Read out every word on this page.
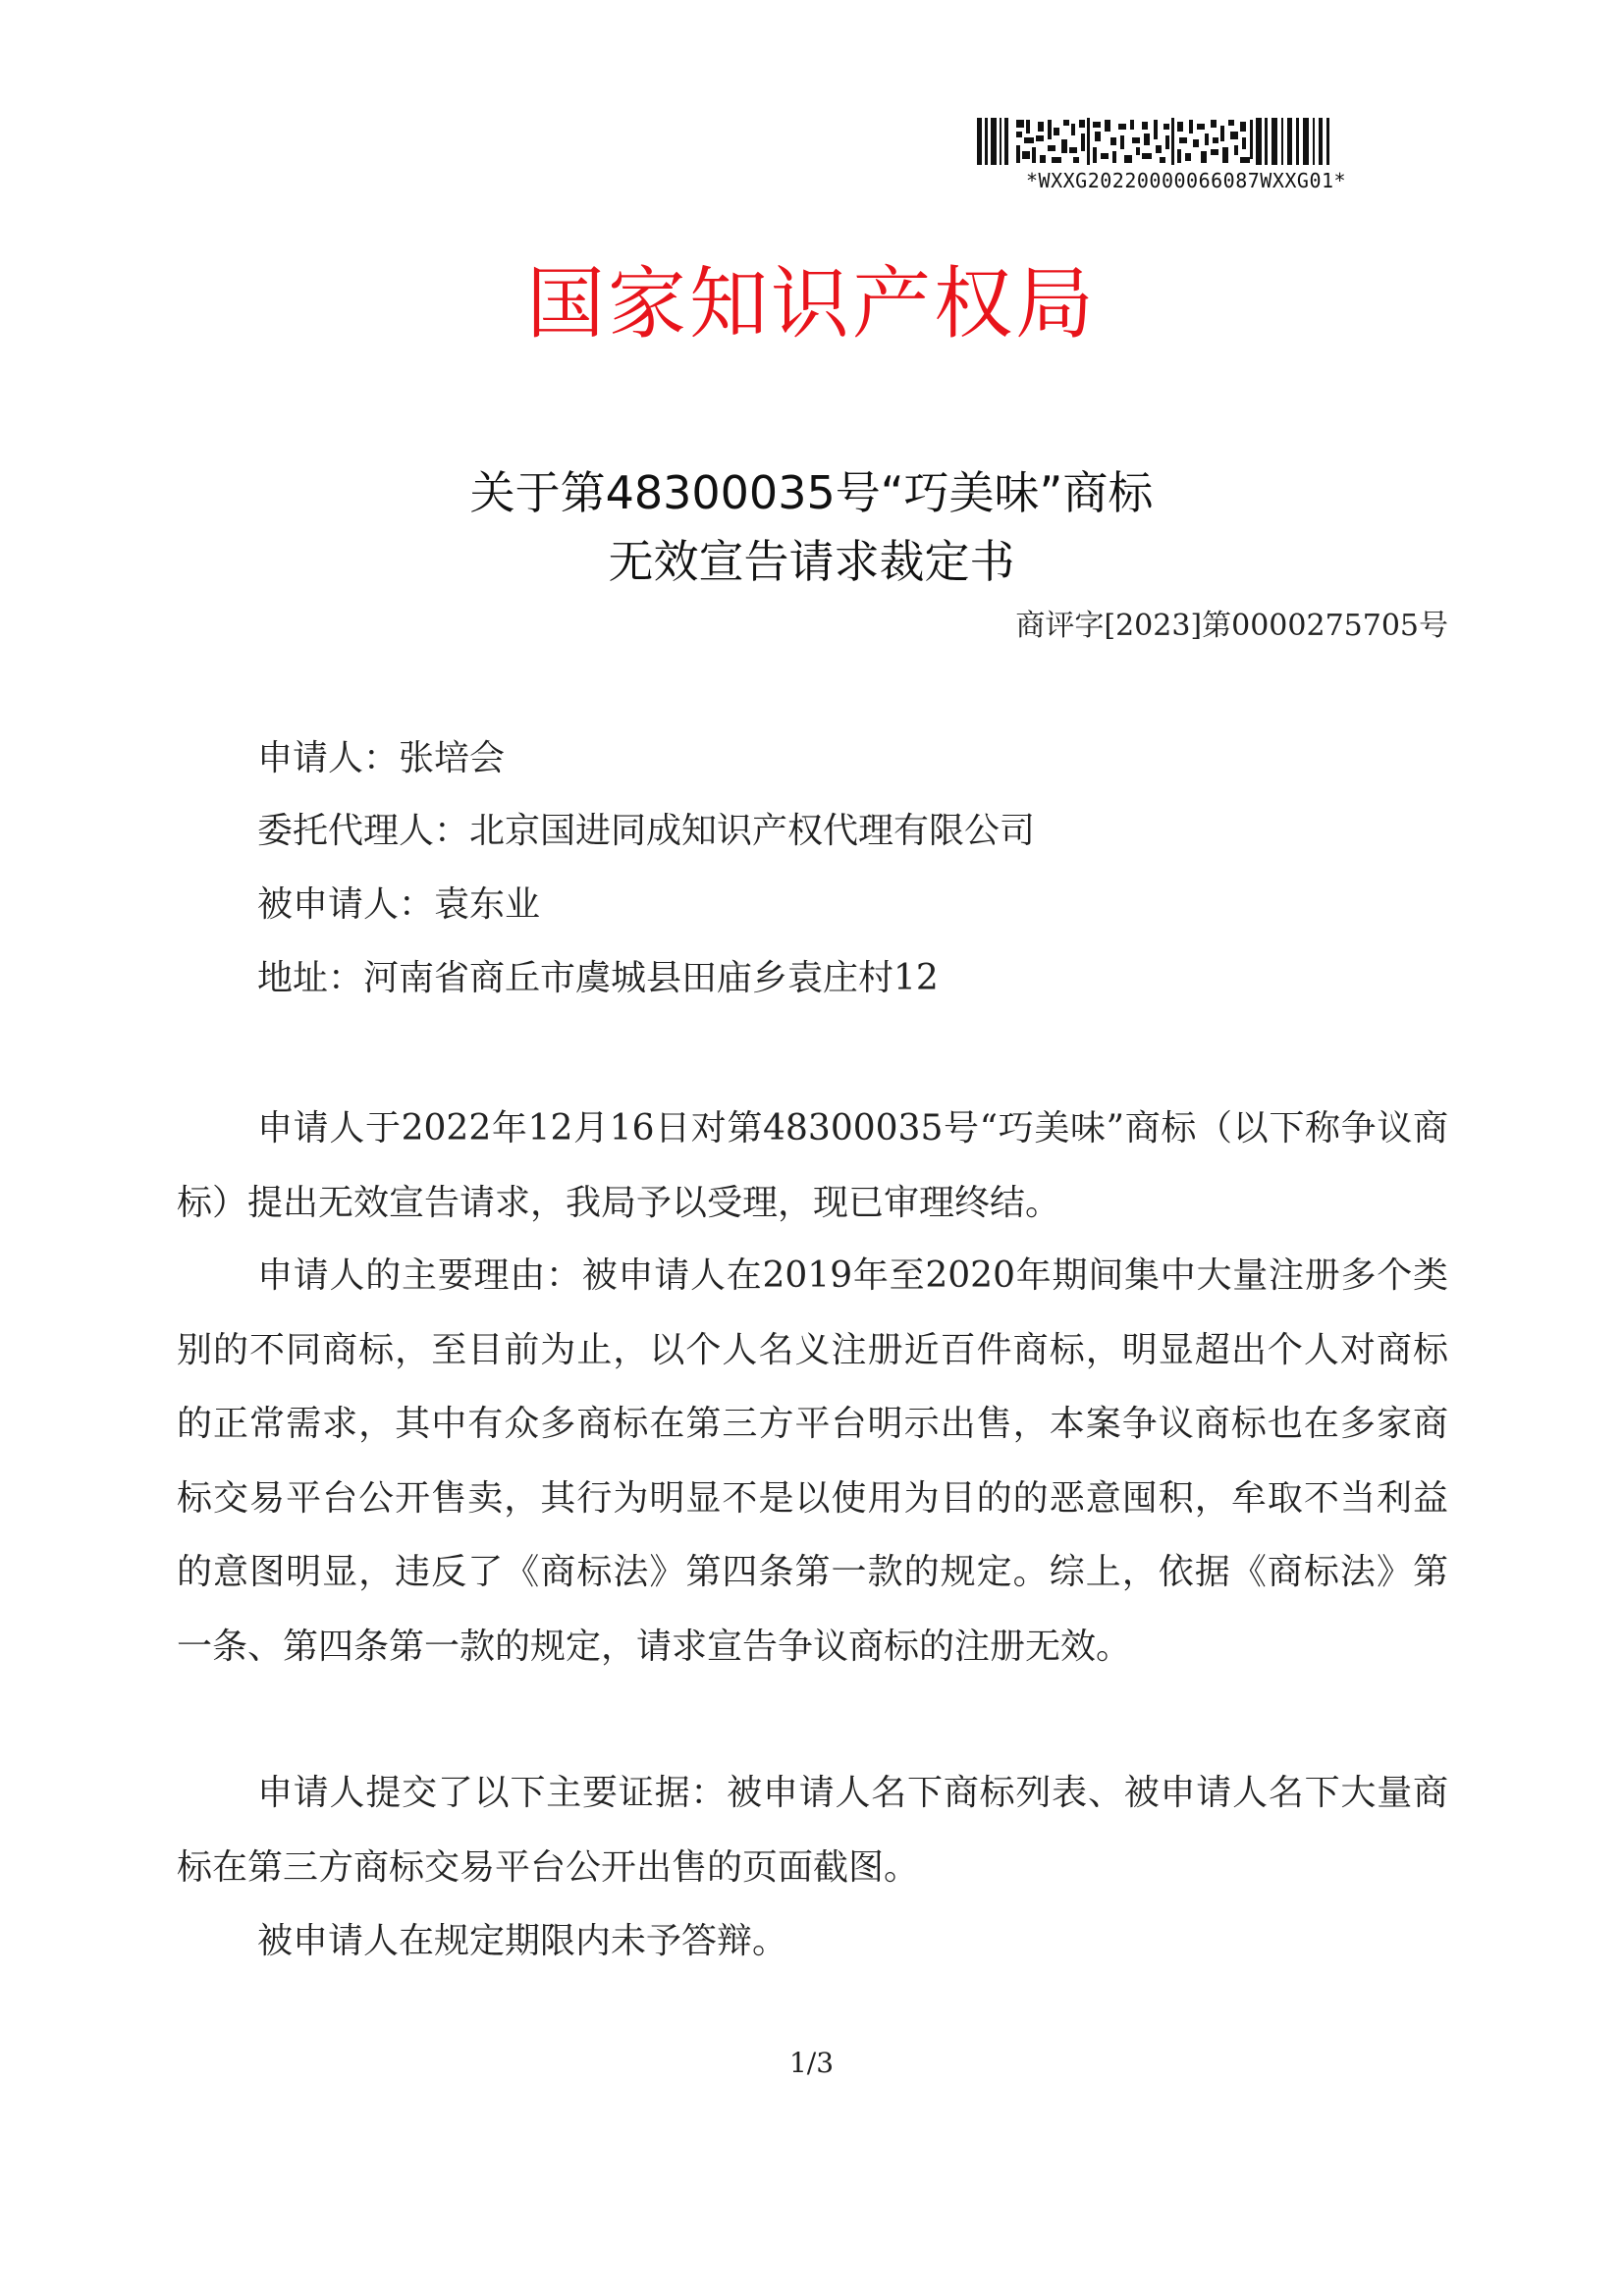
*WXXG20220000066087WXXG01*
国家知识产权局
关于第48300035号“巧美味”商标
无效宣告请求裁定书
商评字[2023]第0000275705号
申请人：张培会
委托代理人：北京国进同成知识产权代理有限公司
被申请人：袁东业
地址：河南省商丘市虞城县田庙乡袁庄村12

申请人于2022年12月16日对第48300035号“巧美味”商标（以下称争议商标）提出无效宣告请求，我局予以受理，现已审理终结。

申请人的主要理由：被申请人在2019年至2020年期间集中大量注册多个类别的不同商标，至目前为止，以个人名义注册近百件商标，明显超出个人对商标的正常需求，其中有众多商标在第三方平台明示出售，本案争议商标也在多家商标交易平台公开售卖，其行为明显不是以使用为目的的恶意囤积，牟取不当利益的意图明显，违反了《商标法》第四条第一款的规定。综上，依据《商标法》第一条、第四条第一款的规定，请求宣告争议商标的注册无效。

申请人提交了以下主要证据：被申请人名下商标列表、被申请人名下大量商标在第三方商标交易平台公开出售的页面截图。

被申请人在规定期限内未予答辩。

1/3
